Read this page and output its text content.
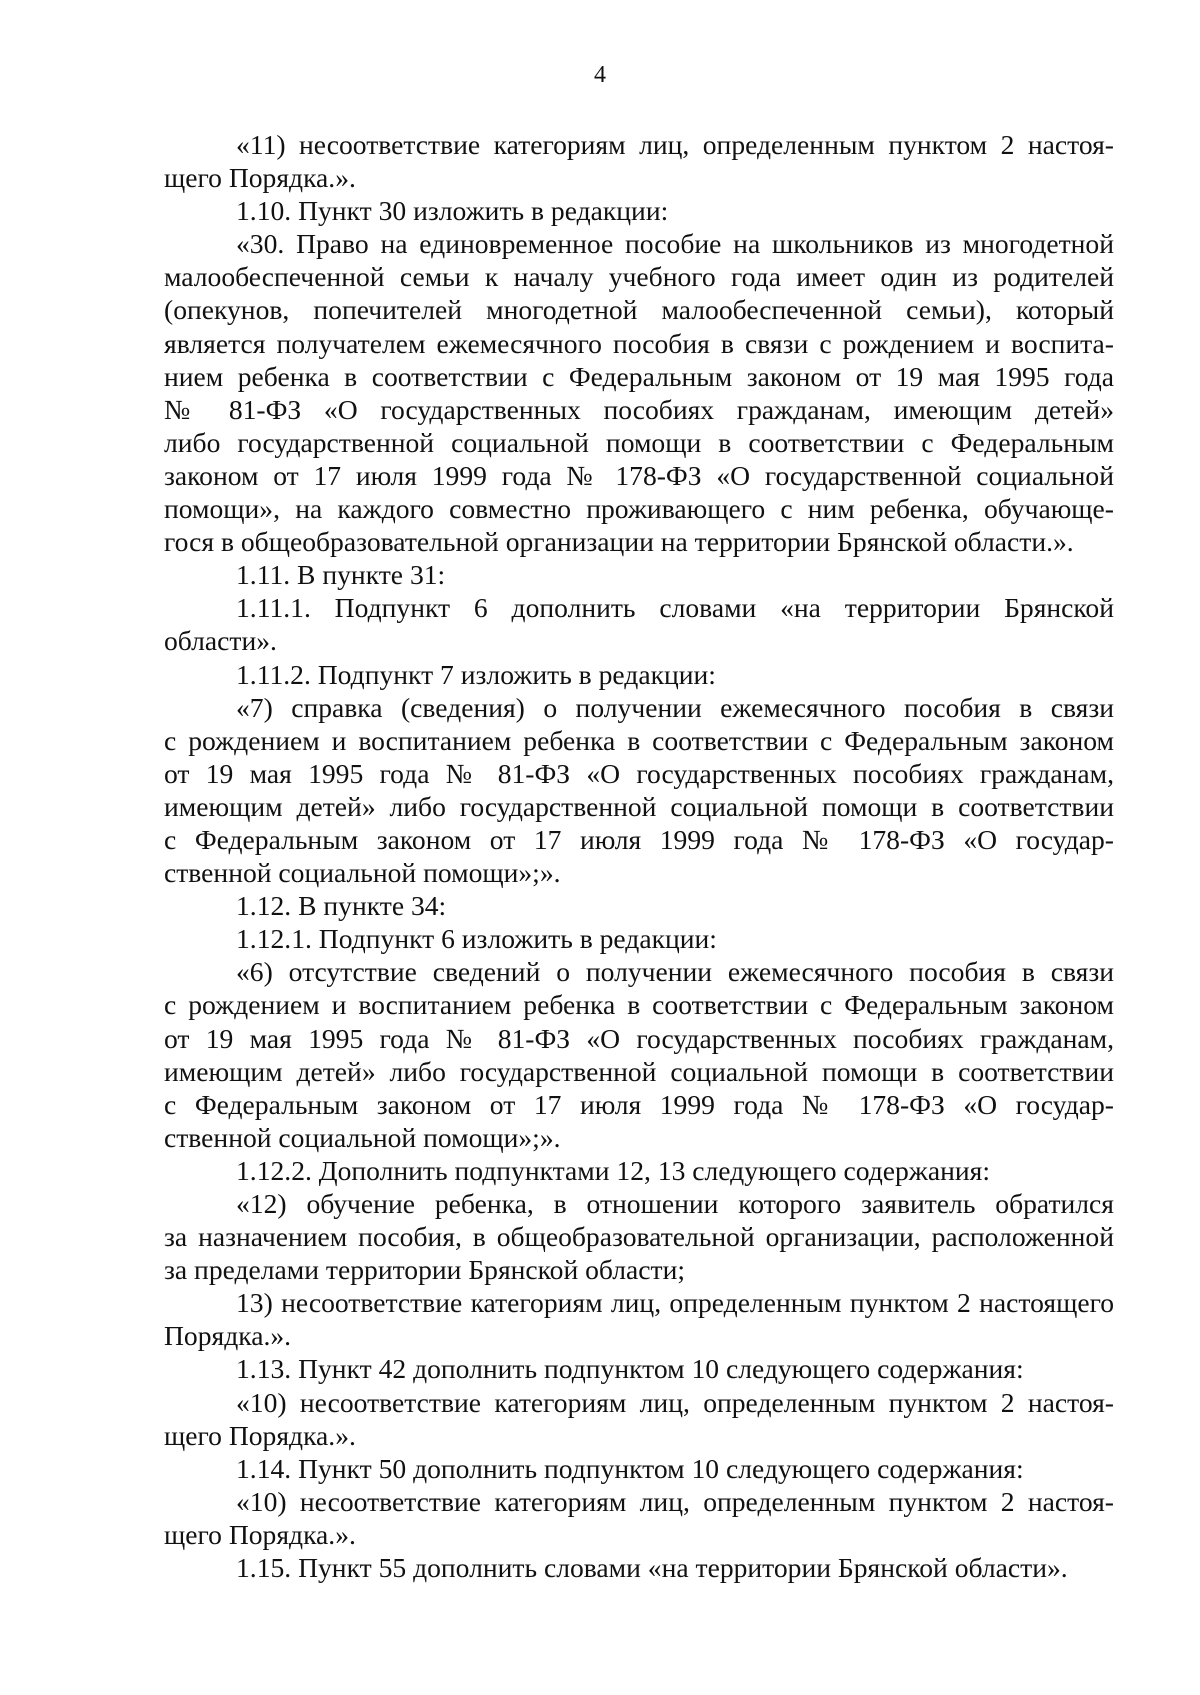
4
«11) несоответствие категориям лиц, определенным пунктом 2 настоя-
щего Порядка.».
1.10. Пункт 30 изложить в редакции:
«30. Право на единовременное пособие на школьников из многодетной
малообеспеченной семьи к началу учебного года имеет один из родителей
(опекунов, попечителей многодетной малообеспеченной семьи), который
является получателем ежемесячного пособия в связи с рождением и воспита-
нием ребенка в соответствии с Федеральным законом от 19 мая 1995 года
№ 81-ФЗ «О государственных пособиях гражданам, имеющим детей»
либо государственной социальной помощи в соответствии с Федеральным
законом от 17 июля 1999 года № 178-ФЗ «О государственной социальной
помощи», на каждого совместно проживающего с ним ребенка, обучающе-
гося в общеобразовательной организации на территории Брянской области.».
1.11. В пункте 31:
1.11.1. Подпункт 6 дополнить словами «на территории Брянской
области».
1.11.2. Подпункт 7 изложить в редакции:
«7) справка (сведения) о получении ежемесячного пособия в связи
с рождением и воспитанием ребенка в соответствии с Федеральным законом
от 19 мая 1995 года № 81-ФЗ «О государственных пособиях гражданам,
имеющим детей» либо государственной социальной помощи в соответствии
с Федеральным законом от 17 июля 1999 года № 178-ФЗ «О государ-
ственной социальной помощи»;».
1.12. В пункте 34:
1.12.1. Подпункт 6 изложить в редакции:
«6) отсутствие сведений о получении ежемесячного пособия в связи
с рождением и воспитанием ребенка в соответствии с Федеральным законом
от 19 мая 1995 года № 81-ФЗ «О государственных пособиях гражданам,
имеющим детей» либо государственной социальной помощи в соответствии
с Федеральным законом от 17 июля 1999 года № 178-ФЗ «О государ-
ственной социальной помощи»;».
1.12.2. Дополнить подпунктами 12, 13 следующего содержания:
«12) обучение ребенка, в отношении которого заявитель обратился
за назначением пособия, в общеобразовательной организации, расположенной
за пределами территории Брянской области;
13) несоответствие категориям лиц, определенным пунктом 2 настоящего
Порядка.».
1.13. Пункт 42 дополнить подпунктом 10 следующего содержания:
«10) несоответствие категориям лиц, определенным пунктом 2 настоя-
щего Порядка.».
1.14. Пункт 50 дополнить подпунктом 10 следующего содержания:
«10) несоответствие категориям лиц, определенным пунктом 2 настоя-
щего Порядка.».
1.15. Пункт 55 дополнить словами «на территории Брянской области».
